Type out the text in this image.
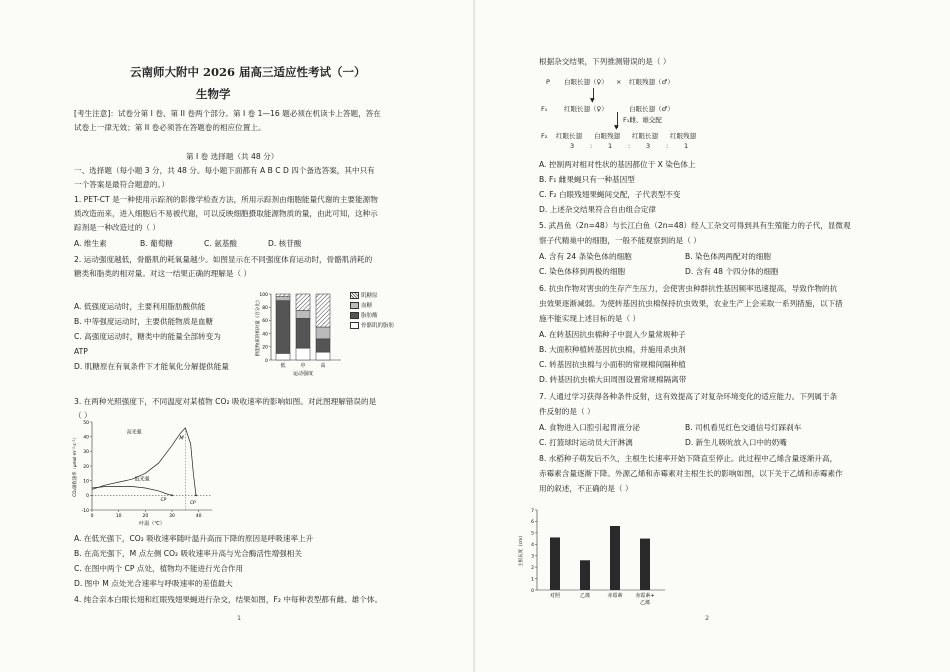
云南师大附中 2026 届高三适应性考试（一）
生物学
[考生注意]：试卷分第 I 卷、第 II 卷两个部分。第 I 卷 1—16 题必须在机读卡上答题，答在
试卷上一律无效；第 II 卷必须答在答题卷的相应位置上。
第 I 卷 选择题（共 48 分）
一、选择题（每小题 3 分，共 48 分。每小题下面都有 A B C D 四个备选答案，其中只有
一个答案是最符合题意的。）
1. PET-CT 是一种使用示踪剂的影像学检查方法，所用示踪剂由细胞能量代谢的主要能源物
质改造而来，进入细胞后不易被代谢，可以反映细胞摄取能源物质的量，由此可知，这种示
踪剂是一种改造过的（ ）
A. 维生素	B. 葡萄糖	C. 氨基酸	D. 核苷酸
2. 运动强度越低，骨骼肌的耗氧量越少。如图显示在不同强度体育运动时，骨骼肌消耗的
糖类和脂类的相对量。对这一结果正确的理解是（ ）
A. 低强度运动时，主要利用脂肪酸供能
B. 中等强度运动时，主要供能物质是血糖
C. 高强度运动时，糖类中的能量全部转变为
ATP
D. 肌糖原在有氧条件下才能氧化分解提供能量
0
20
40
60
80
100
低	中	高
运动强度
供能物质的相对量（百分比）
肌糖原
血糖
脂肪酸
骨骼肌的脂肪
3. 在两种光照强度下，不同温度对某植物 CO₂ 吸收速率的影响如图。对此图理解错误的是
（ ）
-10
0
10
20
30
40
50
0	10	20	30	40
叶温（℃）
CO₂吸收速率（μmol·m⁻²·s⁻¹）
高光强
M
低光强
CP
CP
A. 在低光强下，CO₂ 吸收速率随叶温升高而下降的原因是呼吸速率上升
B. 在高光强下，M 点左侧 CO₂ 吸收速率升高与光合酶活性增强相关
C. 在图中两个 CP 点处，植物均不能进行光合作用
D. 图中 M 点处光合速率与呼吸速率的差值最大
4. 纯合亲本白眼长翅和红眼残翅果蝇进行杂交，结果如图，F₂ 中每种表型都有雌、雄个体。
1
根据杂交结果，下列推测错误的是（ ）
P 白眼长翅（♀） × 红眼残翅（♂）
▼
F₁	红眼长翅（♀）	白眼长翅（♂）
▼
F₁雌、雄交配
F₂ 红眼长翅 白眼残翅 红眼长翅 红眼残翅
3 : 1 : 3 : 1
A. 控制两对相对性状的基因都位于 X 染色体上
B. F₁ 雌果蝇只有一种基因型
C. F₂ 白眼残翅果蝇间交配，子代表型不变
D. 上述杂交结果符合自由组合定律
5. 武昌鱼（2n=48）与长江白鱼（2n=48）经人工杂交可得到具有生殖能力的子代，显微观
察子代精巢中的细胞，一般不能观察到的是（ ）
A. 含有 24 条染色体的细胞	B. 染色体两两配对的细胞
C. 染色体移到两极的细胞	D. 含有 48 个四分体的细胞
6. 抗虫作物对害虫的生存产生压力，会使害虫种群抗性基因频率迅速提高，导致作物的抗
虫效果逐渐减弱。为使转基因抗虫棉保持抗虫效果，农业生产上会采取一系列措施，以下措
施不能实现上述目标的是（ ）
A. 在转基因抗虫棉种子中混入少量常规种子
B. 大面积种植转基因抗虫棉，并施用杀虫剂
C. 转基因抗虫棉与小面积的常规棉间隔种植
D. 转基因抗虫棉大田周围设置常规棉隔离带
7. 人通过学习获得各种条件反射，这有效提高了对复杂环境变化的适应能力。下列属于条
件反射的是（ ）
A. 食物进入口腔引起胃液分泌	B. 司机看见红色交通信号灯踩刹车
C. 打篮球时运动员大汗淋漓	D. 新生儿吸吮放入口中的奶嘴
8. 水稻种子萌发后不久，主根生长速率开始下降直至停止。此过程中乙烯含量逐渐升高，
赤霉素含量逐渐下降。外源乙烯和赤霉素对主根生长的影响如图，以下关于乙烯和赤霉素作
用的叙述，不正确的是（ ）
0
1
2
3
4
5
6
7
对照	乙烯	赤霉素	赤霉素+
乙烯
主根长度（cm）
2
